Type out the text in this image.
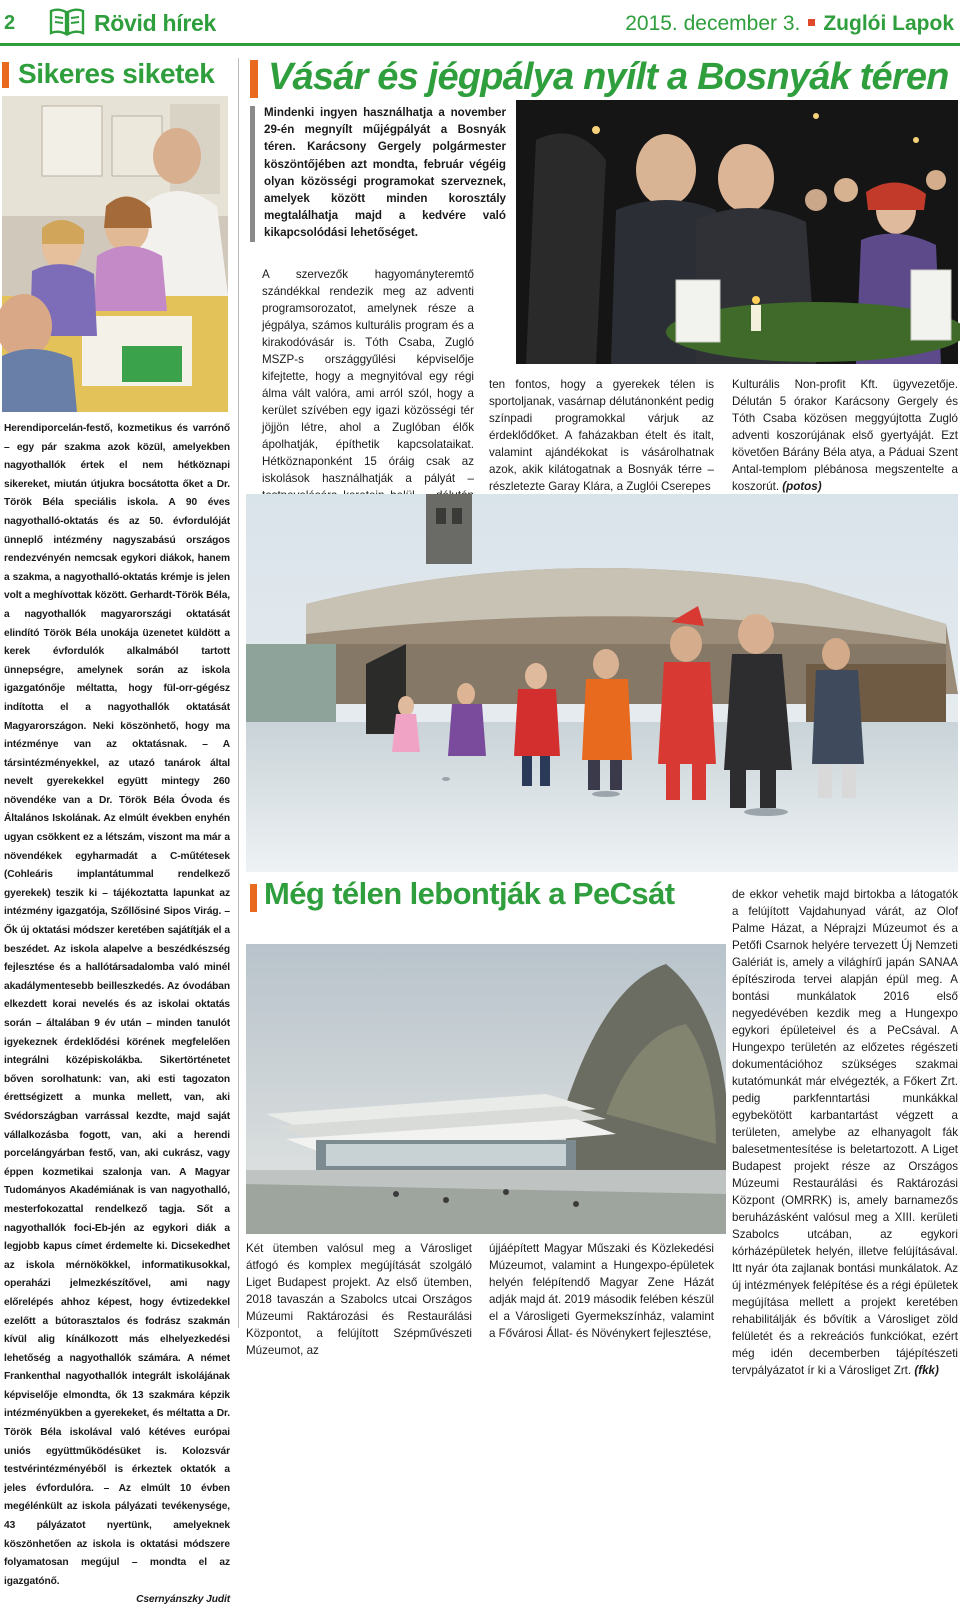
2	Rövid hírek	2015. december 3. Zuglói Lapok
Sikeres siketek

Herendiporcelán-festő, kozmetikus és varrónő – egy pár szakma azok közül, amelyekben nagyothallók értek el nem hétköznapi sikereket, miután útjukra bocsátotta őket a Dr. Török Béla speciális iskola. A 90 éves nagyothalló-oktatás és az 50. évfordulóját ünneplő intézmény nagyszabású országos rendezvényén nemcsak egykori diákok, hanem a szakma, a nagyothalló-oktatás krémje is jelen volt a meghívottak között. Gerhardt-Török Béla, a nagyothallók magyarországi oktatását elindító Török Béla unokája üzenetet küldött a kerek évfordulók alkalmából tartott ünnepségre, amelynek során az iskola igazgatónője méltatta, hogy fül-orr-gégész indította el a nagyothallók oktatását Magyarországon. Neki köszönhető, hogy ma intézménye van az oktatásnak. – A társintézményekkel, az utazó tanárok által nevelt gyerekekkel együtt mintegy 260 növendéke van a Dr. Török Béla Óvoda és Általános Iskolának. Az elmúlt években enyhén ugyan csökkent ez a létszám, viszont ma már a növendékek egyharmadát a C-műtétesek (Cohleáris implantátummal rendelkező gyerekek) teszik ki – tájékoztatta lapunkat az intézmény igazgatója, Szőllősiné Sipos Virág. – Ők új oktatási módszer keretében sajátítják el a beszédet. Az iskola alapelve a beszédkészség fejlesztése és a hallótársadalomba való minél akadálymentesebb beilleszkedés. Az óvodában elkezdett korai nevelés és az iskolai oktatás során – általában 9 év után – minden tanulót igyekeznek érdeklődési körének megfelelően integrálni középiskolákba. Sikertörténetet bőven sorolhatunk: van, aki esti tagozaton érettségizett a munka mellett, van, aki Svédországban varrással kezdte, majd saját vállalkozásba fogott, van, aki a herendi porcelángyárban festő, van, aki cukrász, vagy éppen kozmetikai szalonja van. A Magyar Tudományos Akadémiának is van nagyothalló, mesterfokozattal rendelkező tagja. Sőt a nagyothallók foci-Eb-jén az egykori diák a legjobb kapus címet érdemelte ki. Dicsekedhet az iskola mérnökökkel, informatikusokkal, operaházi jelmezkészítővel, ami nagy előrelépés ahhoz képest, hogy évtizedekkel ezelőtt a bútorasztalos és fodrász szakmán kívül alig kínálkozott más elhelyezkedési lehetőség a nagyothallók számára. A német Frankenthal nagyothallók integrált iskolájának képviselője elmondta, ők 13 szakmára képzik intézményükben a gyerekeket, és méltatta a Dr. Török Béla iskolával való kétéves európai uniós együttműködésüket is. Kolozsvár testvérintézményéből is érkeztek oktatók a jeles évfordulóra. – Az elmúlt 10 évben megélénkült az iskola pályázati tevékenysége, 43 pályázatot nyertünk, amelyeknek köszönhetően az iskola is oktatási módszere folyamatosan megújul – mondta el az igazgatónő.

Csernyánszky Judit
Vásár és jégpálya nyílt a Bosnyák téren
Mindenki ingyen használhatja a november 29-én megnyílt műjégpályát a Bosnyák téren. Karácsony Gergely polgármester köszöntőjében azt mondta, február végéig olyan közösségi programokat szerveznek, amelyek között minden korosztály megtalálhatja majd a kedvére való kikapcsolódási lehetőséget.
A szervezők hagyományteremtő szándékkal rendezik meg az adventi programsorozatot, amelynek része a jégpálya, számos kulturális program és a kirakodóvásár is. Tóth Csaba, Zugló MSZP-s országgyűlési képviselője kifejtette, hogy a megnyitóval egy régi álma vált valóra, ami arról szól, hogy a kerület szívében egy igazi közösségi tér jöjjön létre, ahol a Zuglóban élők ápolhatják, építhetik kapcsolataikat. Hétköznaponként 15 óráig csak az iskolások használhatják a pályát –
ten fontos, hogy a gyerekek télen is sportoljanak, vasárnap délutánonként pedig színpadi programokkal várjuk az érdeklődőket. A faházakban ételt és italt, valamint ajándékokat is vásárolhatnak azok, akik kilátogatnak a Bosnyák térre – részletezte Garay Klára, a Zuglói Cserepes
Kulturális Non-profit Kft. ügyvezetője. Délután 5 órakor Karácsony Gergely és Tóth Csaba közösen meggyújtotta Zugló adventi koszorújának első gyertyáját. Ezt követően Bárány Béla atya, a Páduai Szent Antal-templom plébánosa megszentelte a koszorút. (potos)
Még télen lebontják a PeCsát
Két ütemben valósul meg a Városliget átfogó és komplex megújítását szolgáló Liget Budapest projekt. Az első ütemben, 2018 tavaszán a Szabolcs utcai Országos Múzeumi Raktározási és Restaurálási Központot, a felújított Szépművészeti Múzeumot, az
újjáépített Magyar Műszaki és Közlekedési Múzeumot, valamint a Hungexpo-épületek helyén felépítendő Magyar Zene Házát adják majd át. 2019 második felében készül el a Városligeti Gyermekszínház, valamint a Fővárosi Állat- és Növénykert fejlesztése,
de ekkor vehetik majd birtokba a látogatók a felújított Vajdahunyad várát, az Olof Palme Házat, a Néprajzi Múzeumot és a Petőfi Csarnok helyére tervezett Új Nemzeti Galériát is, amely a világhírű japán SANAA építésziroda tervei alapján épül meg. A bontási munkálatok 2016 első negyedévében kezdik meg a Hungexpo egykori épületeivel és a PeCsával. A Hungexpo területén az előzetes régészeti dokumentációhoz szükséges szakmai kutatómunkát már elvégezték, a Főkert Zrt. pedig parkfenntartási munkákkal egybekötött karbantartást végzett a területen, amelybe az elhanyagolt fák balesetmentesítése is beletartozott. A Liget Budapest projekt része az Országos Múzeumi Restaurálási és Raktározási Központ (OMRRK) is, amely barnamezős beruházásként valósul meg a XIII. kerületi Szabolcs utcában, az egykori kórházépületek helyén, illetve felújításával. Itt nyár óta zajlanak bontási munkálatok. Az új intézmények felépítése és a régi épületek megújítása mellett a projekt keretében rehabilitálják és bővítik a Városliget zöld felületét és a rekreációs funkciókat, ezért még idén decemberben tájépítészeti tervpályázatot ír ki a Városliget Zrt. (fkk)
